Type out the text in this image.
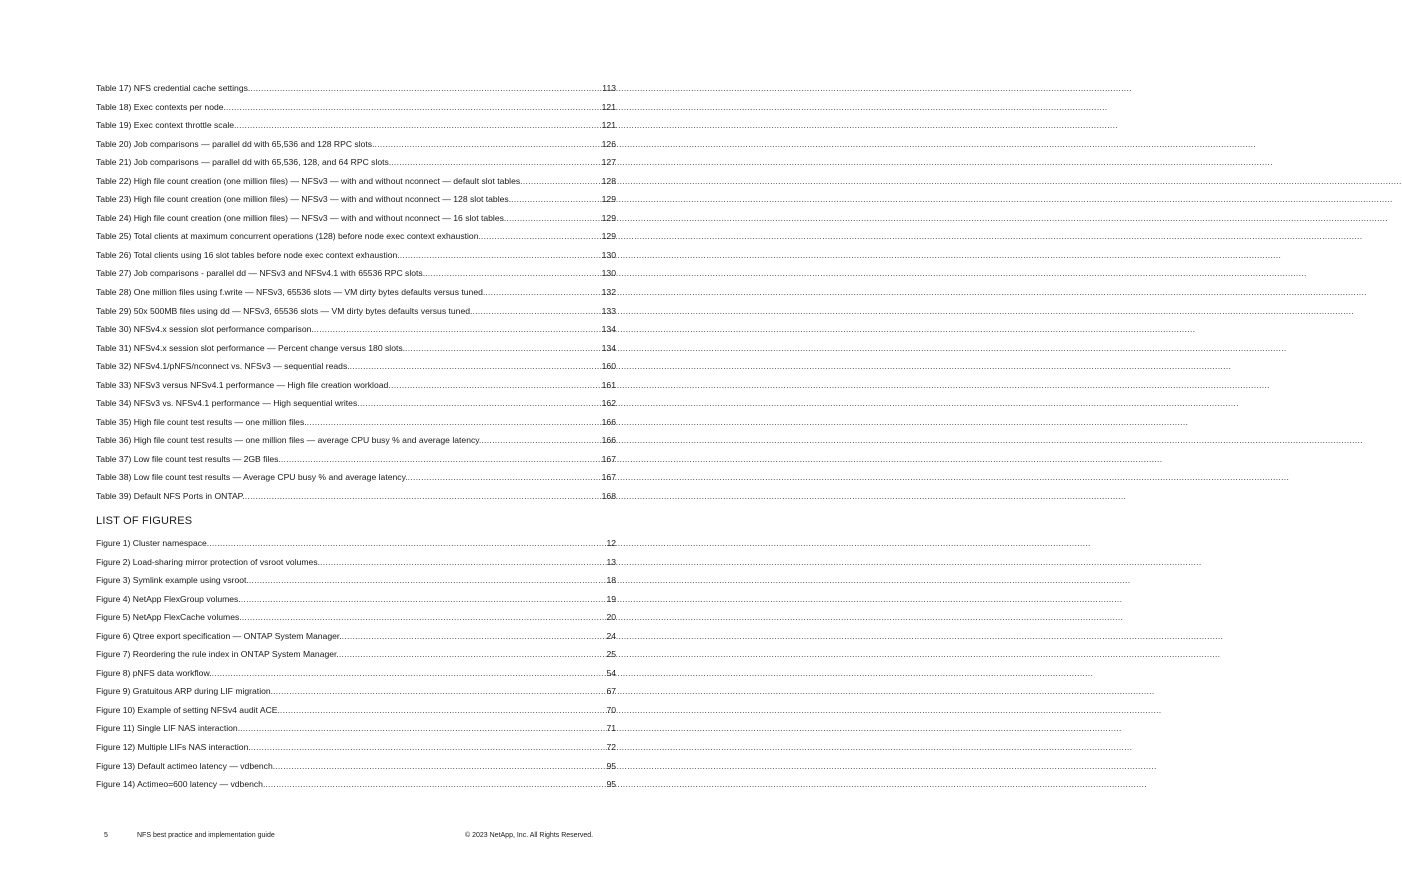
Table 17) NFS credential cache settings. .....	113
Table 18) Exec contexts per node. .....	121
Table 19) Exec context throttle scale. .....	121
Table 20) Job comparisons — parallel dd with 65,536 and 128 RPC slots. .....	126
Table 21) Job comparisons — parallel dd with 65,536, 128, and 64 RPC slots. .....	127
Table 22) High file count creation (one million files) — NFSv3 — with and without nconnect — default slot tables .....	128
Table 23) High file count creation (one million files) — NFSv3 — with and without nconnect — 128 slot tables. .....	129
Table 24) High file count creation (one million files) — NFSv3 — with and without nconnect — 16 slot tables. .....	129
Table 25) Total clients at maximum concurrent operations (128) before node exec context exhaustion. .....	129
Table 26) Total clients using 16 slot tables before node exec context exhaustion. .....	130
Table 27) Job comparisons - parallel dd — NFSv3 and NFSv4.1 with 65536 RPC slots. .....	130
Table 28) One million files using f.write — NFSv3, 65536 slots — VM dirty bytes defaults versus tuned. .....	132
Table 29) 50x 500MB files using dd — NFSv3, 65536 slots — VM dirty bytes defaults versus tuned. .....	133
Table 30) NFSv4.x session slot performance comparison. .....	134
Table 31) NFSv4.x session slot performance — Percent change versus 180 slots. .....	134
Table 32) NFSv4.1/pNFS/nconnect vs. NFSv3 — sequential reads. .....	160
Table 33) NFSv3 versus NFSv4.1 performance — High file creation workload .....	161
Table 34) NFSv3 vs. NFSv4.1 performance — High sequential writes .....	162
Table 35) High file count test results — one million files. .....	166
Table 36) High file count test results — one million files — average CPU busy % and average latency. .....	166
Table 37) Low file count test results — 2GB files. .....	167
Table 38) Low file count test results — Average CPU busy % and average latency. .....	167
Table 39) Default NFS Ports in ONTAP. .....	168
LIST OF FIGURES
Figure 1) Cluster namespace. .....	12
Figure 2) Load-sharing mirror protection of vsroot volumes. .....	13
Figure 3) Symlink example using vsroot. .....	18
Figure 4) NetApp FlexGroup volumes. .....	19
Figure 5) NetApp FlexCache volumes. .....	20
Figure 6) Qtree export specification — ONTAP System Manager. .....	24
Figure 7) Reordering the rule index in ONTAP System Manager. .....	25
Figure 8) pNFS data workflow. .....	54
Figure 9) Gratuitous ARP during LIF migration. .....	67
Figure 10) Example of setting NFSv4 audit ACE. .....	70
Figure 11) Single LIF NAS interaction. .....	71
Figure 12) Multiple LIFs NAS interaction. .....	72
Figure 13) Default actimeo latency — vdbench. .....	95
Figure 14) Actimeo=600 latency — vdbench. .....	95
5	NFS best practice and implementation guide	© 2023 NetApp, Inc. All Rights Reserved.
